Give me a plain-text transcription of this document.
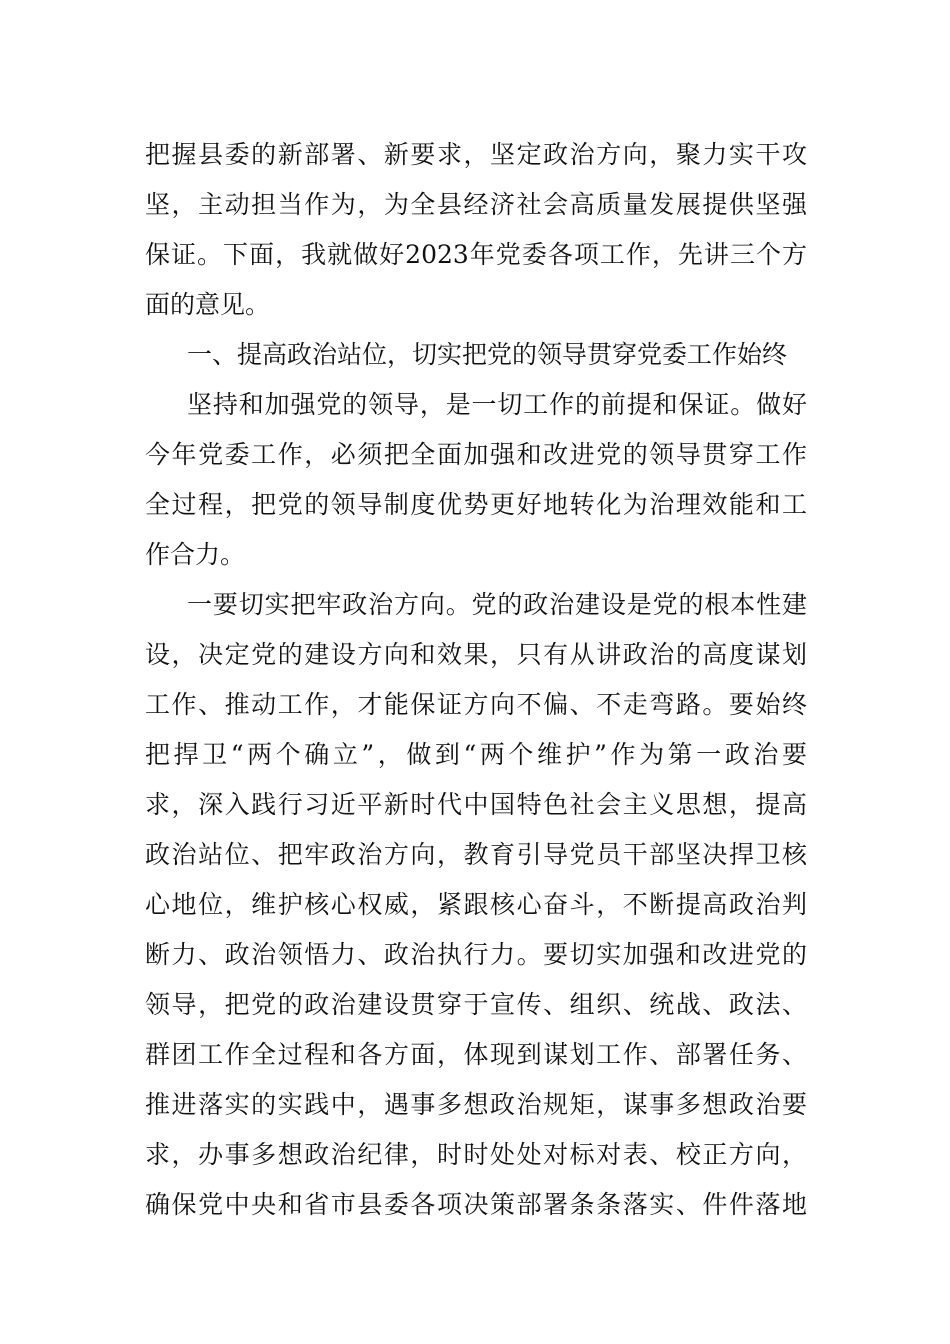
把握县委的新部署、新要求，坚定政治方向，聚力实干攻
坚，主动担当作为，为全县经济社会高质量发展提供坚强
保证。下面，我就做好2023年党委各项工作，先讲三个方
面的意见。
一、提高政治站位，切实把党的领导贯穿党委工作始终
坚持和加强党的领导，是一切工作的前提和保证。做好
今年党委工作，必须把全面加强和改进党的领导贯穿工作
全过程，把党的领导制度优势更好地转化为治理效能和工
作合力。
一要切实把牢政治方向。党的政治建设是党的根本性建
设，决定党的建设方向和效果，只有从讲政治的高度谋划
工作、推动工作，才能保证方向不偏、不走弯路。要始终
把捍卫“两个确立”，做到“两个维护”作为第一政治要
求，深入践行习近平新时代中国特色社会主义思想，提高
政治站位、把牢政治方向，教育引导党员干部坚决捍卫核
心地位，维护核心权威，紧跟核心奋斗，不断提高政治判
断力、政治领悟力、政治执行力。要切实加强和改进党的
领导，把党的政治建设贯穿于宣传、组织、统战、政法、
群团工作全过程和各方面，体现到谋划工作、部署任务、
推进落实的实践中，遇事多想政治规矩，谋事多想政治要
求，办事多想政治纪律，时时处处对标对表、校正方向，
确保党中央和省市县委各项决策部署条条落实、件件落地
